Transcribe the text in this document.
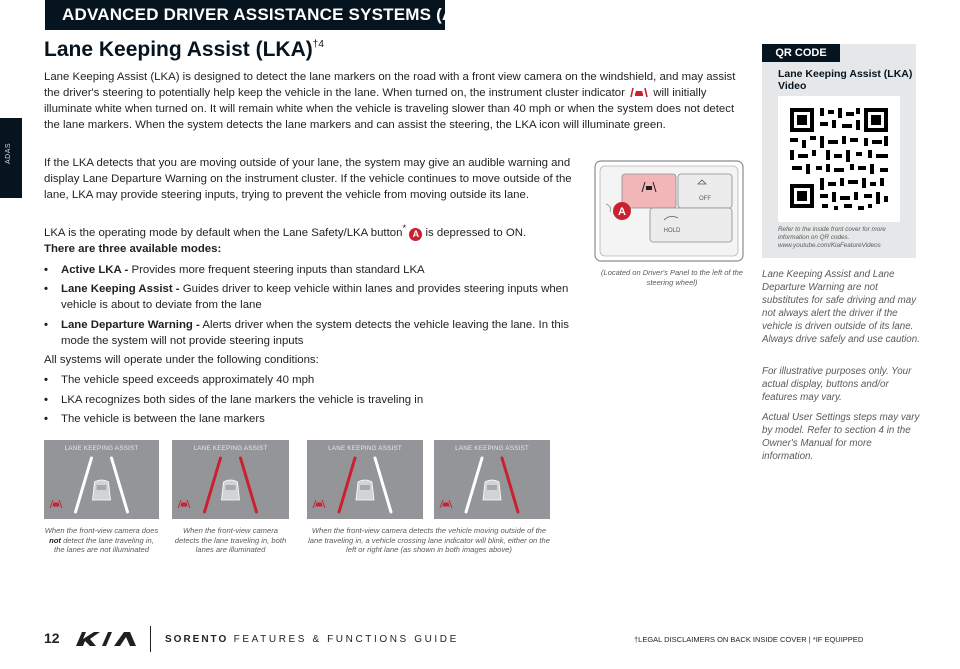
ADVANCED DRIVER ASSISTANCE SYSTEMS (ADAS)
ADAS
Lane Keeping Assist (LKA)$^{\dagger 4}$
Lane Keeping Assist (LKA) is designed to detect the lane markers on the road with a front view camera on the windshield, and may assist the driver's steering to potentially help keep the vehicle in the lane. When turned on, the instrument cluster indicator will initially illuminate white when turned on. It will remain white when the vehicle is traveling slower than 40 mph or when the system does not detect the lane markers. When the system detects the lane markers and can assist the steering, the LKA icon will illuminate green.
If the LKA detects that you are moving outside of your lane, the system may give an audible warning and display Lane Departure Warning on the instrument cluster. If the vehicle continues to move outside of the lane, LKA may provide steering inputs, trying to prevent the vehicle from moving outside its lane.
LKA is the operating mode by default when the Lane Safety/LKA button* A is depressed to ON.
There are three available modes:
•	Active LKA - Provides more frequent steering inputs than standard LKA
•	Lane Keeping Assist - Guides driver to keep vehicle within lanes and provides steering inputs when vehicle is about to deviate from the lane
•	Lane Departure Warning - Alerts driver when the system detects the vehicle leaving the lane. In this mode the system will not provide steering inputs
All systems will operate under the following conditions:
•	The vehicle speed exceeds approximately 40 mph
•	LKA recognizes both sides of the lane markers the vehicle is traveling in
•	The vehicle is between the lane markers
OFF
HOLD
A
(Located on Driver's Panel to the left of the steering wheel)
QR CODE
Lane Keeping Assist (LKA) Video
Refer to the inside front cover for more information on QR codes. www.youtube.com/KiaFeatureVideos
Lane Keeping Assist and Lane Departure Warning are not substitutes for safe driving and may not always alert the driver if the vehicle is driven outside of its lane. Always drive safely and use caution.
For illustrative purposes only. Your actual display, buttons and/or features may vary.
Actual User Settings steps may vary by model. Refer to section 4 in the Owner's Manual for more information.
LANE KEEPING ASSIST	LANE KEEPING ASSIST	LANE KEEPING ASSIST	LANE KEEPING ASSIST
When the front-view camera does not detect the lane traveling in, the lanes are not illuminated
When the front-view camera detects the lane traveling in, both lanes are illuminated
When the front-view camera detects the vehicle moving outside of the lane traveling in, a vehicle crossing lane indicator will blink, either on the left or right lane (as shown in both images above)
12	SORENTO FEATURES & FUNCTIONS GUIDE	†LEGAL DISCLAIMERS ON BACK INSIDE COVER | *IF EQUIPPED
